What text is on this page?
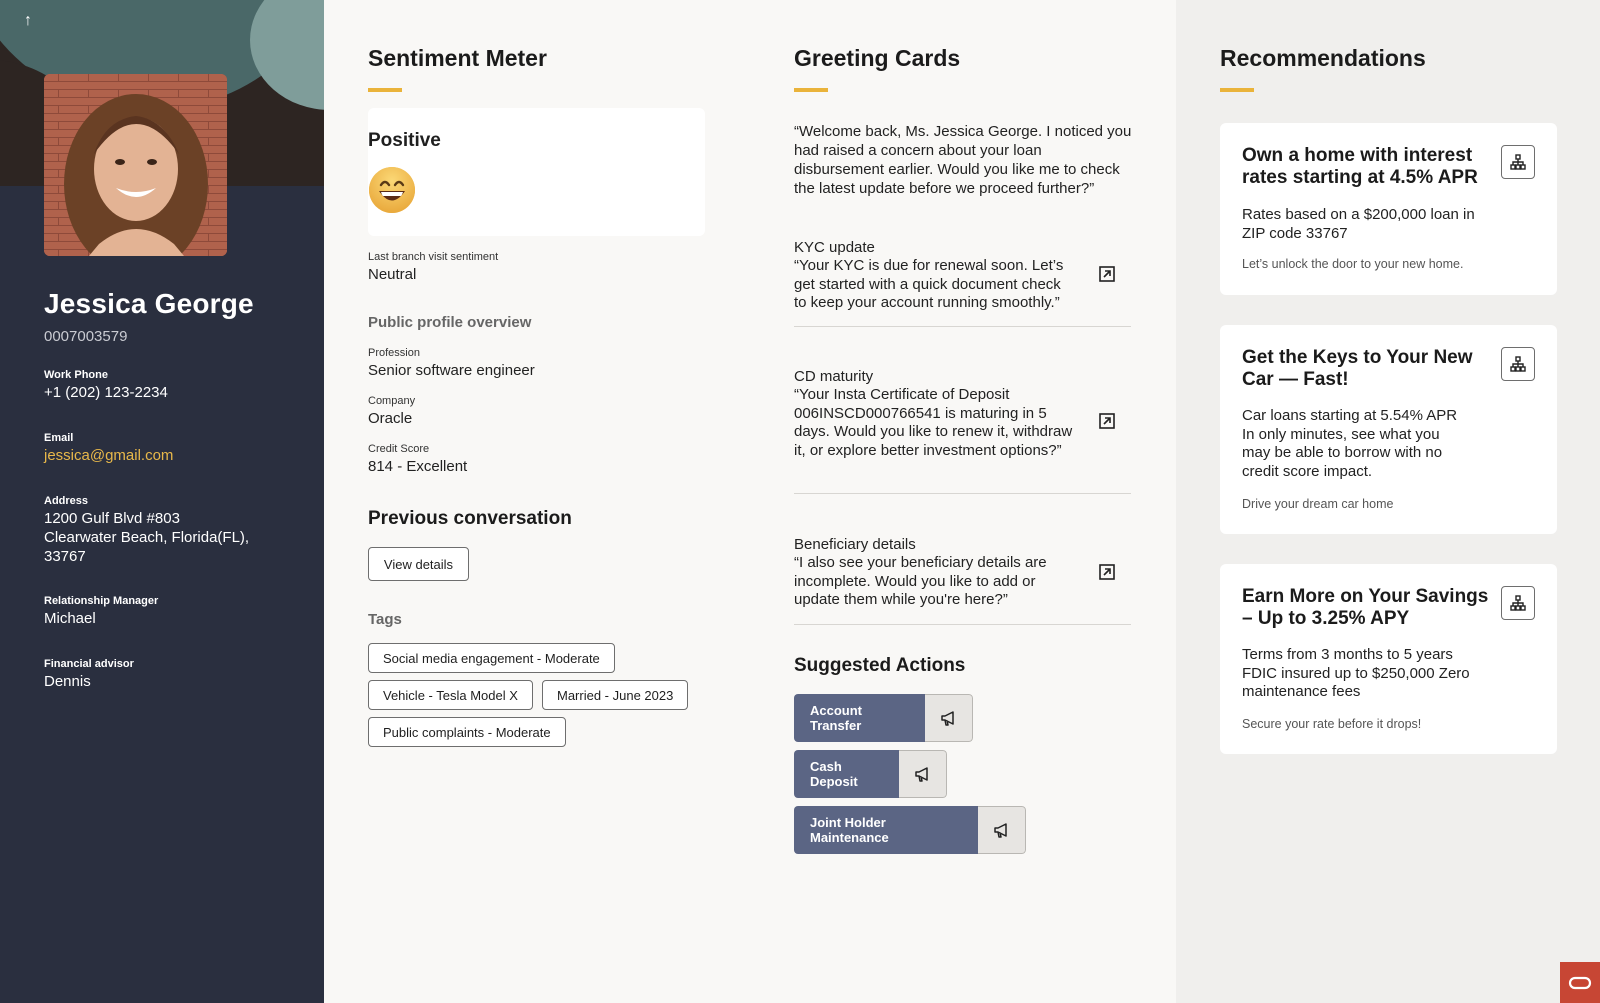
↑
Jessica George
0007003579
Work Phone
+1 (202) 123-2234
Email
jessica@gmail.com
Address
1200 Gulf Blvd #803
Clearwater Beach, Florida(FL),
33767
Relationship Manager
Michael
Financial advisor
Dennis
Sentiment Meter
Positive
Last branch visit sentiment
Neutral
Public profile overview
Profession
Senior software engineer
Company
Oracle
Credit Score
814 - Excellent
Previous conversation
View details
Tags
Social media engagement - Moderate
Vehicle - Tesla Model X	Married - June 2023
Public complaints - Moderate
Greeting Cards
“Welcome back, Ms. Jessica George. I noticed you had raised a concern about your loan disbursement earlier. Would you like me to check the latest update before we proceed further?”
KYC update
“Your KYC is due for renewal soon. Let’s get started with a quick document check to keep your account running smoothly.”
CD maturity
“Your Insta Certificate of Deposit 006INSCD000766541 is maturing in 5 days. Would you like to renew it, withdraw it, or explore better investment options?”
Beneficiary details
“I also see your beneficiary details are incomplete. Would you like to add or update them while you're here?”
Suggested Actions
Account Transfer
Cash Deposit
Joint Holder Maintenance
Recommendations
Own a home with interest rates starting at 4.5% APR
Rates based on a $200,000 loan in ZIP code 33767
Let’s unlock the door to your new home.
Get the Keys to Your New Car — Fast!
Car loans starting at 5.54% APR In only minutes, see what you may be able to borrow with no credit score impact.
Drive your dream car home
Earn More on Your Savings – Up to 3.25% APY
Terms from 3 months to 5 years FDIC insured up to $250,000 Zero maintenance fees
Secure your rate before it drops!
